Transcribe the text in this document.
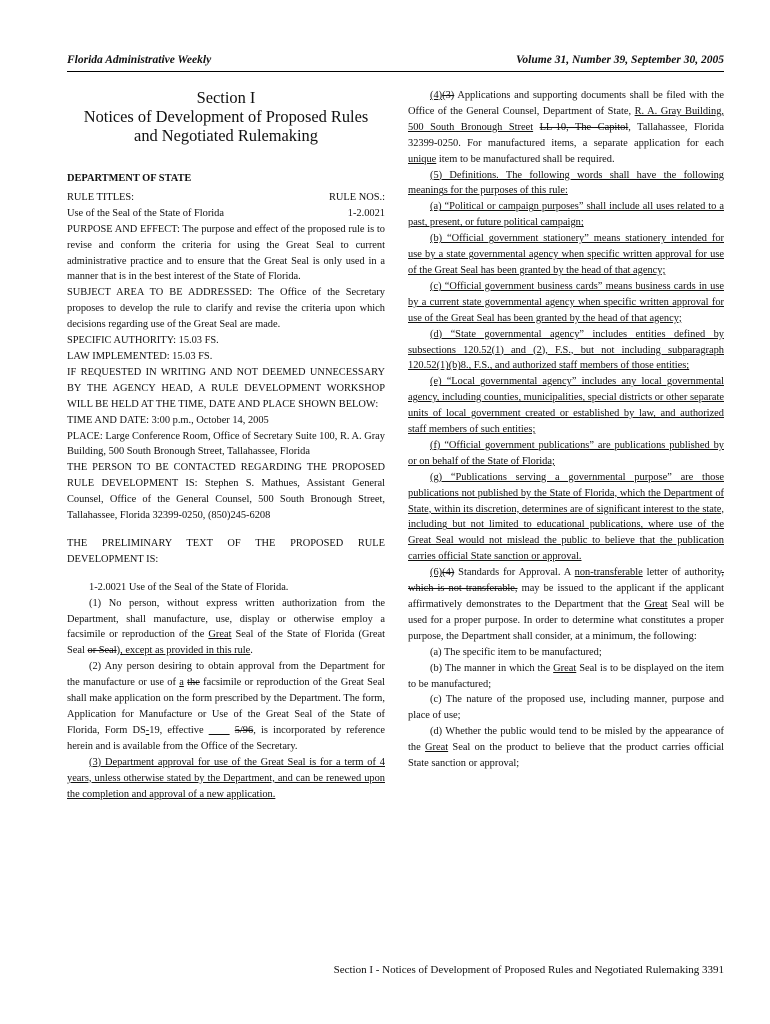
Florida Administrative Weekly	Volume 31, Number 39, September 30, 2005
Section I
Notices of Development of Proposed Rules
and Negotiated Rulemaking

DEPARTMENT OF STATE

RULE TITLES:	RULE NOS.:

Use of the Seal of the State of Florida	1-2.0021

PURPOSE AND EFFECT: The purpose and effect of the proposed rule is to revise and conform the criteria for using the Great Seal to current administrative practice and to ensure that the Great Seal is only used in a manner that is in the best interest of the State of Florida.

SUBJECT AREA TO BE ADDRESSED: The Office of the Secretary proposes to develop the rule to clarify and revise the criteria upon which decisions regarding use of the Great Seal are made.

SPECIFIC AUTHORITY: 15.03 FS.

LAW IMPLEMENTED: 15.03 FS.

IF REQUESTED IN WRITING AND NOT DEEMED UNNECESSARY BY THE AGENCY HEAD, A RULE DEVELOPMENT WORKSHOP WILL BE HELD AT THE TIME, DATE AND PLACE SHOWN BELOW:

TIME AND DATE: 3:00 p.m., October 14, 2005

PLACE: Large Conference Room, Office of Secretary Suite 100, R. A. Gray Building, 500 South Bronough Street, Tallahassee, Florida

THE PERSON TO BE CONTACTED REGARDING THE PROPOSED RULE DEVELOPMENT IS: Stephen S. Mathues, Assistant General Counsel, Office of the General Counsel, 500 South Bronough Street, Tallahassee, Florida 32399-0250, (850)245-6208

THE PRELIMINARY TEXT OF THE PROPOSED RULE DEVELOPMENT IS:

1-2.0021 Use of the Seal of the State of Florida.

(1) No person, without express written authorization from the Department, shall manufacture, use, display or otherwise employ a facsimile or reproduction of the Great Seal of the State of Florida (Great Seal or Seal), except as provided in this rule.

(2) Any person desiring to obtain approval from the Department for the manufacture or use of a the facsimile or reproduction of the Great Seal shall make application on the form prescribed by the Department. The form, Application for Manufacture or Use of the Great Seal of the State of Florida, Form DS-19, effective ____ 5/96, is incorporated by reference herein and is available from the Office of the Secretary.

(3) Department approval for use of the Great Seal is for a term of 4 years, unless otherwise stated by the Department, and can be renewed upon the completion and approval of a new application.

(4)(3) Applications and supporting documents shall be filed with the Office of the General Counsel, Department of State, R. A. Gray Building, 500 South Bronough Street LL-10, The Capitol, Tallahassee, Florida 32399-0250. For manufactured items, a separate application for each unique item to be manufactured shall be required.

(5) Definitions. The following words shall have the following meanings for the purposes of this rule:

(a) “Political or campaign purposes” shall include all uses related to a past, present, or future political campaign;

(b) “Official government stationery” means stationery intended for use by a state governmental agency when specific written approval for use of the Great Seal has been granted by the head of that agency;

(c) “Official government business cards” means business cards in use by a current state governmental agency when specific written approval for use of the Great Seal has been granted by the head of that agency;

(d) “State governmental agency” includes entities defined by subsections 120.52(1) and (2), F.S., but not including subparagraph 120.52(1)(b)8., F.S., and authorized staff members of those entities;

(e) “Local governmental agency” includes any local governmental agency, including counties, municipalities, special districts or other separate units of local government created or established by law, and authorized staff members of such entities;

(f) “Official government publications” are publications published by or on behalf of the State of Florida;

(g) “Publications serving a governmental purpose” are those publications not published by the State of Florida, which the Department of State, within its discretion, determines are of significant interest to the state, including but not limited to educational publications, where use of the Great Seal would not mislead the public to believe that the publication carries official State sanction or approval.

(6)(4) Standards for Approval. A non-transferable letter of authority, which is not transferable, may be issued to the applicant if the applicant affirmatively demonstrates to the Department that the Great Seal will be used for a proper purpose. In order to determine what constitutes a proper purpose, the Department shall consider, at a minimum, the following:

(a) The specific item to be manufactured;

(b) The manner in which the Great Seal is to be displayed on the item to be manufactured;

(c) The nature of the proposed use, including manner, purpose and place of use;

(d) Whether the public would tend to be misled by the appearance of the Great Seal on the product to believe that the product carries official State sanction or approval;

Section I - Notices of Development of Proposed Rules and Negotiated Rulemaking 3391
